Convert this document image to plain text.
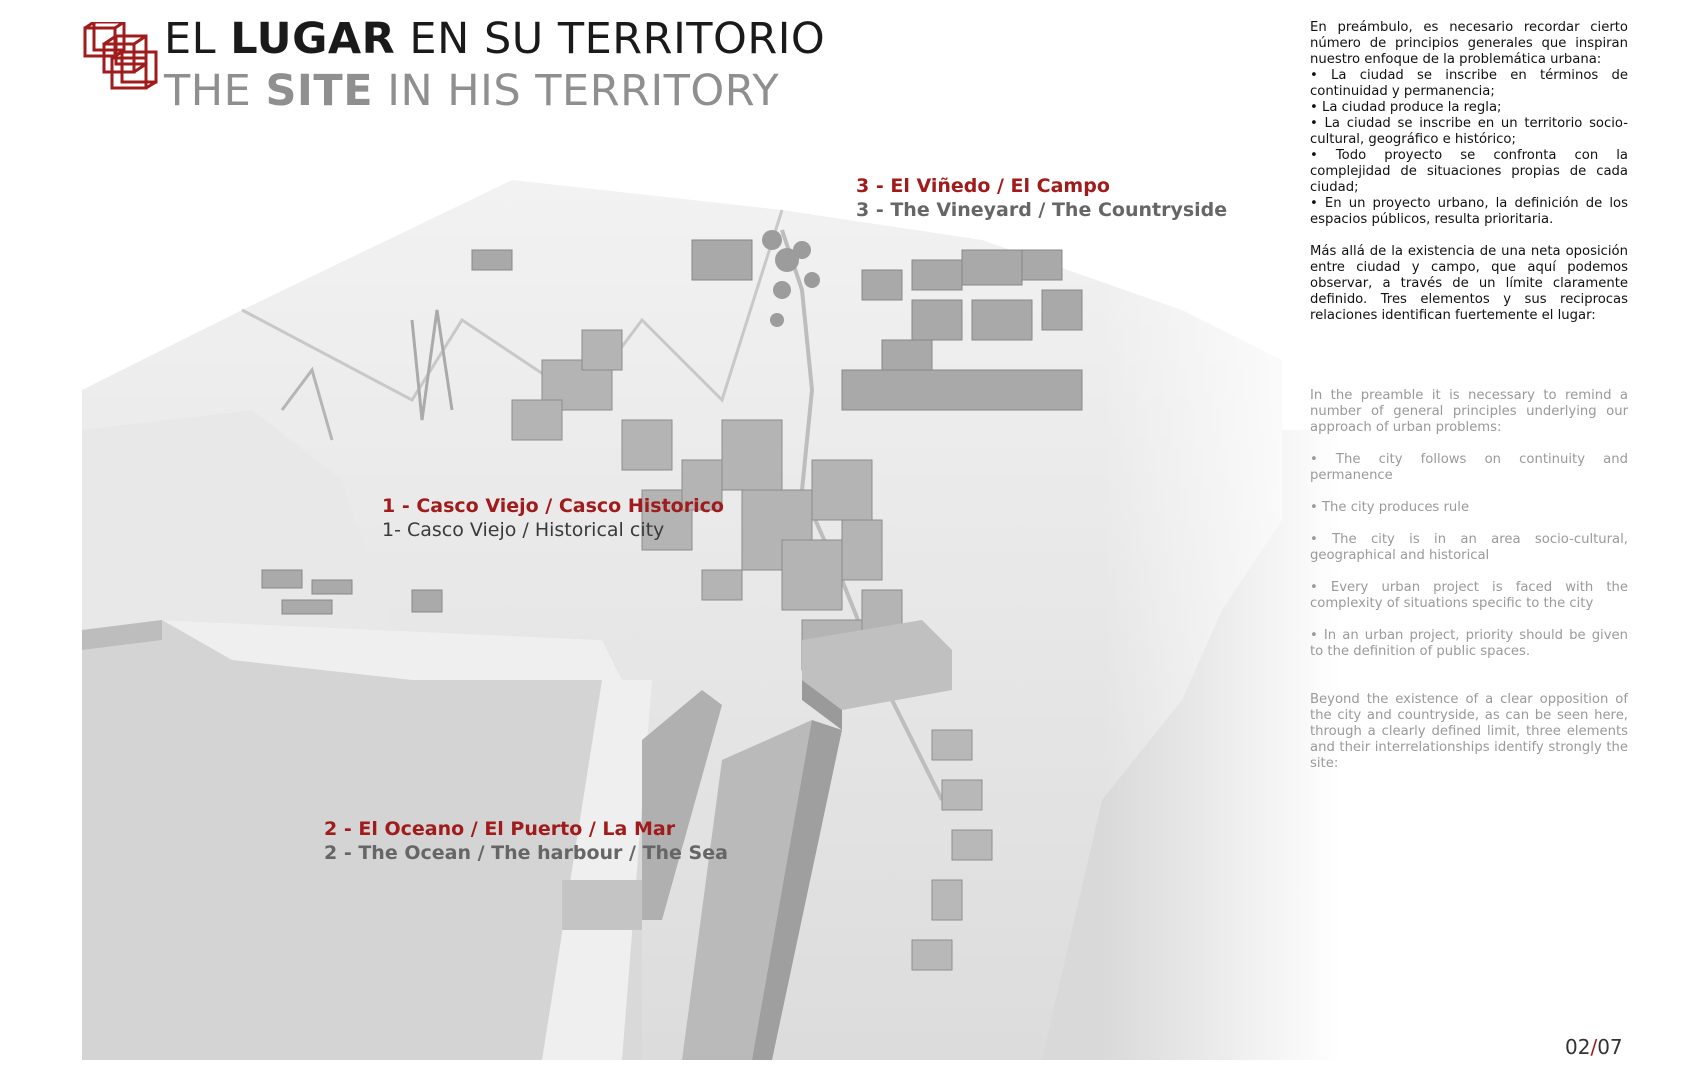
EL LUGAR EN SU TERRITORIO
THE SITE IN HIS TERRITORY
3 - El Viñedo / El Campo
3 - The Vineyard / The Countryside
1 - Casco Viejo / Casco Historico
1- Casco Viejo / Historical city
2 - El Oceano / El Puerto / La Mar
2 - The Ocean / The harbour / The Sea

En preámbulo, es necesario recordar cierto número de principios generales que inspiran nuestro enfoque de la problemática urbana:

• La ciudad se inscribe en términos de continuidad y permanencia;

• La ciudad produce la regla;

• La ciudad se inscribe en un territorio socio-cultural, geográfico e histórico;

• Todo proyecto se confronta con la complejidad de situaciones propias de cada ciudad;

• En un proyecto urbano, la definición de los espacios públicos, resulta prioritaria.

Más allá de la existencia de una neta oposición entre ciudad y campo, que aquí podemos observar, a través de un límite claramente definido. Tres elementos y sus reciprocas relaciones identifican fuertemente el lugar:

In the preamble it is necessary to remind a number of general principles underlying our approach of urban problems:

• The city follows on continuity and permanence

• The city produces rule

• The city is in an area socio-cultural, geographical and historical

• Every urban project is faced with the complexity of situations specific to the city

• In an urban project, priority should be given to the definition of public spaces.

Beyond the existence of a clear opposition of the city and countryside, as can be seen here, through a clearly defined limit, three elements and their interrelationships identify strongly the site:

02/07
